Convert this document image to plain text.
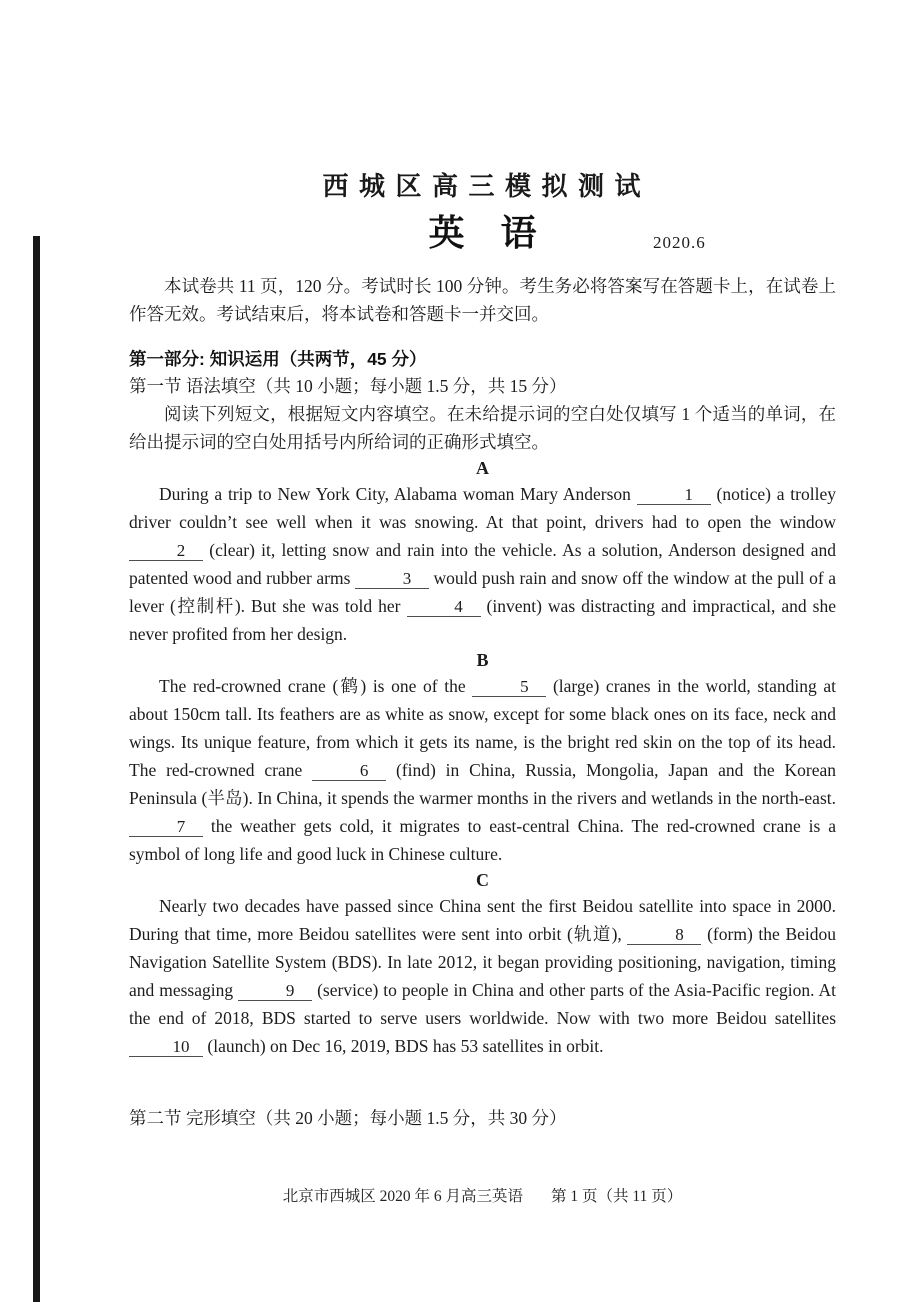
西 城 区 高 三 模 拟 测 试
英　语	2020.6

本试卷共 11 页，120 分。考试时长 100 分钟。考生务必将答案写在答题卡上，在试卷上作答无效。考试结束后，将本试卷和答题卡一并交回。

第一部分: 知识运用（共两节，45 分）

第一节 语法填空（共 10 小题；每小题 1.5 分，共 15 分）

阅读下列短文，根据短文内容填空。在未给提示词的空白处仅填写 1 个适当的单词，在给出提示词的空白处用括号内所给词的正确形式填空。

A

During a trip to New York City, Alabama woman Mary Anderson	1 (notice) a trolley driver couldn’t see well when it was snowing. At that point, drivers had to open the window 2 (clear) it, letting snow and rain into the vehicle. As a solution, Anderson designed and patented wood and rubber arms	3 would push rain and snow off the window at the pull of a lever (控制杆). But she was told her	4 (invent) was distracting and impractical, and she never profited from her design.

B

The red-crowned crane (鹤) is one of the	5 (large) cranes in the world, standing at about 150cm tall. Its feathers are as white as snow, except for some black ones on its face, neck and wings. Its unique feature, from which it gets its name, is the bright red skin on the top of its head. The red-crowned crane	6 (find) in China, Russia, Mongolia, Japan and the Korean Peninsula (半岛). In China, it spends the warmer months in the rivers and wetlands in the north-east. 7 the weather gets cold, it migrates to east-central China. The red-crowned crane is a symbol of long life and good luck in Chinese culture.

C

Nearly two decades have passed since China sent the first Beidou satellite into space in 2000. During that time, more Beidou satellites were sent into orbit (轨道),	8 (form) the Beidou Navigation Satellite System (BDS). In late 2012, it began providing positioning, navigation, timing and messaging	9 (service) to people in China and other parts of the Asia-Pacific region. At the end of 2018, BDS started to serve users worldwide. Now with two more Beidou satellites 10 (launch) on Dec 16, 2019, BDS has 53 satellites in orbit.

第二节 完形填空（共 20 小题；每小题 1.5 分，共 30 分）

北京市西城区 2020 年 6 月高三英语 第 1 页（共 11 页）
